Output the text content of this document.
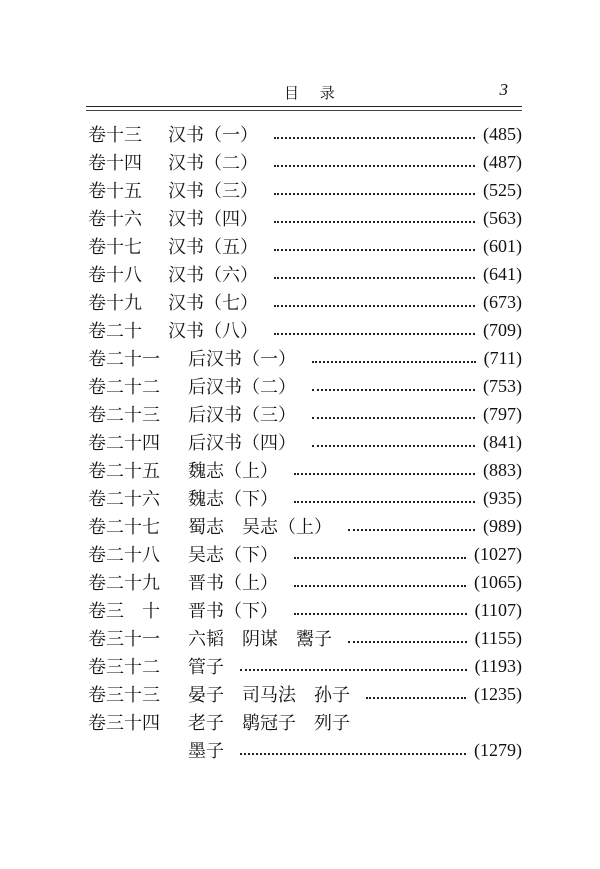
目 录	3
卷十三	汉书（一）	(485)
卷十四	汉书（二）	(487)
卷十五	汉书（三）	(525)
卷十六	汉书（四）	(563)
卷十七	汉书（五）	(601)
卷十八	汉书（六）	(641)
卷十九	汉书（七）	(673)
卷二十	汉书（八）	(709)
卷二十一	后汉书（一）	(711)
卷二十二	后汉书（二）	(753)
卷二十三	后汉书（三）	(797)
卷二十四	后汉书（四）	(841)
卷二十五	魏志（上）	(883)
卷二十六	魏志（下）	(935)
卷二十七	蜀志　吴志（上）	(989)
卷二十八	吴志（下）	(1027)
卷二十九	晋书（上）	(1065)
卷三　十	晋书（下）	(1107)
卷三十一	六韬　阴谋　鬻子	(1155)
卷三十二	管子	(1193)
卷三十三	晏子　司马法　孙子	(1235)
卷三十四	老子　鹖冠子　列子
墨子	(1279)
